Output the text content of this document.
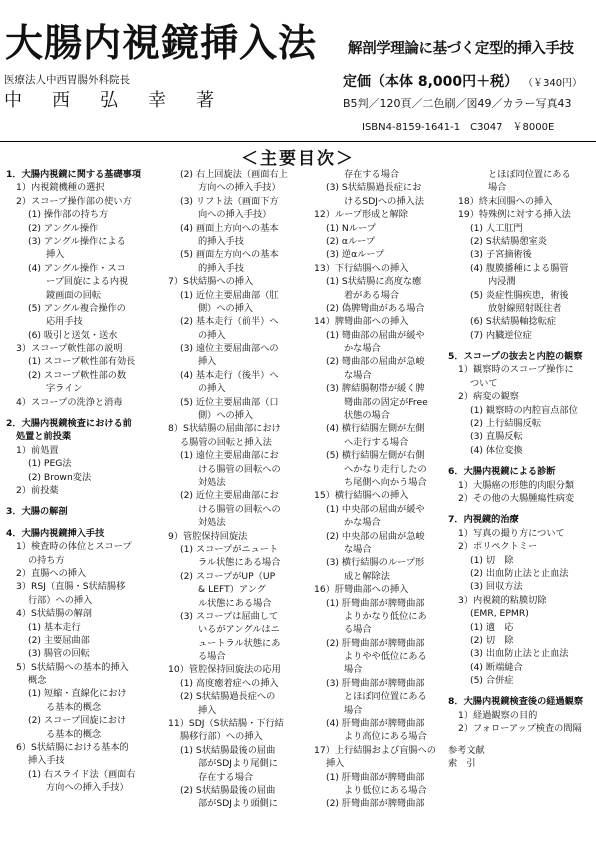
大腸内視鏡挿入法 解剖学理論に基づく定型的挿入手技
医療法人中西胃腸外科院長
中 西 弘 幸 著
定価（本体 8,000円＋税） （￥340円）
B5判／120頁／二色刷／図49／カラー写真43
ISBN4-8159-1641-1　C3047　￥8000E
＜主要目次＞
1．大腸内視鏡に関する基礎事項
1）内視鏡機種の選択
2）スコープ操作部の使い方
(1) 操作部の持ち方
(2) アングル操作
(3) アングル操作による
挿入
(4) アングル操作・スコ
ープ回旋による内視
鏡画面の回転
(5) アングル複合操作の
応用手技
(6) 吸引と送気・送水
3）スコープ軟性部の説明
(1) スコープ軟性部有効長
(2) スコープ軟性部の数
字ライン
4）スコープの洗浄と消毒
2．大腸内視鏡検査における前
処置と前投薬
1）前処置
(1) PEG法
(2) Brown変法
2）前投薬
3．大腸の解剖
4．大腸内視鏡挿入手技
1）検査時の体位とスコープ
の持ち方
2）直腸への挿入
3）RSJ（直腸・S状結腸移
行部）への挿入
4）S状結腸の解剖
(1) 基本走行
(2) 主要屈曲部
(3) 腸管の回転
5）S状結腸への基本的挿入
概念
(1) 短縮・直線化におけ
る基本的概念
(2) スコープ回旋におけ
る基本的概念
6）S状結腸における基本的
挿入手技
(1) 右スライド法（画面右
方向への挿入手技）
(2) 右上回旋法（画面右上
方向への挿入手技）
(3) リフト法（画面下方
向への挿入手技）
(4) 画面上方向への基本
的挿入手技
(5) 画面左方向への基本
的挿入手技
7）S状結腸への挿入
(1) 近位主要屈曲部（肛
側）への挿入
(2) 基本走行（前半）へ
の挿入
(3) 遠位主要屈曲部への
挿入
(4) 基本走行（後半）へ
の挿入
(5) 近位主要屈曲部（口
側）への挿入
8）S状結腸の屈曲部におけ
る腸管の回転と挿入法
(1) 遠位主要屈曲部にお
ける腸管の回転への
対処法
(2) 近位主要屈曲部にお
ける腸管の回転への
対処法
9）管腔保持回旋法
(1) スコープがニュート
ラル状態にある場合
(2) スコープがUP（UP
& LEFT）アング
ル状態にある場合
(3) スコープは屈曲して
いるがアングルはニ
ュートラル状態にあ
る場合
10）管腔保持回旋法の応用
(1) 高度癒着症への挿入
(2) S状結腸過長症への
挿入
11）SDJ（S状結腸・下行結
腸移行部）への挿入
(1) S状結腸最後の屈曲
部がSDJより尾側に
存在する場合
(2) S状結腸最後の屈曲
部がSDJより頭側に
存在する場合
(3) S状結腸過長症にお
けるSDJへの挿入法
12）ループ形成と解除
(1) Nループ
(2) αループ
(3) 逆αループ
13）下行結腸への挿入
(1) S状結腸に高度な癒
着がある場合
(2) 偽脾彎曲がある場合
14）脾彎曲部への挿入
(1) 彎曲部の屈曲が緩や
かな場合
(2) 彎曲部の屈曲が急峻
な場合
(3) 脾結腸靭帯が緩く脾
彎曲部の固定がFree
状態の場合
(4) 横行結腸左側が左側
へ走行する場合
(5) 横行結腸左側が右側
へかなり走行したの
ち尾側へ向かう場合
15）横行結腸への挿入
(1) 中央部の屈曲が緩や
かな場合
(2) 中央部の屈曲が急峻
な場合
(3) 横行結腸のループ形
成と解除法
16）肝彎曲部への挿入
(1) 肝彎曲部が脾彎曲部
よりかなり低位にあ
る場合
(2) 肝彎曲部が脾彎曲部
よりやや低位にある
場合
(3) 肝彎曲部が脾彎曲部
とほぼ同位置にある
場合
(4) 肝彎曲部が脾彎曲部
より高位にある場合
17）上行結腸および盲腸への
挿入
(1) 肝彎曲部が脾彎曲部
より低位にある場合
(2) 肝彎曲部が脾彎曲部
とほぼ同位置にある
場合
18）終末回腸への挿入
19）特殊例に対する挿入法
(1) 人工肛門
(2) S状結腸憩室炎
(3) 子宮摘術後
(4) 腹膜播種による腸管
内浸潤
(5) 炎症性腸疾患，術後
放射線照射既往者
(6) S状結腸軸捻転症
(7) 内臓逆位症
5．スコープの抜去と内腔の観察
1）観察時のスコープ操作に
ついて
2）病変の観察
(1) 観察時の内腔盲点部位
(2) 上行結腸反転
(3) 直腸反転
(4) 体位変換
6．大腸内視鏡による診断
1）大腸癌の形態的肉眼分類
2）その他の大腸腫瘍性病変
7．内視鏡的治療
1）写真の撮り方について
2）ポリペクトミー
(1) 切　除
(2) 出血防止法と止血法
(3) 回収方法
3）内視鏡的粘膜切除
(EMR, EPMR)
(1) 適　応
(2) 切　除
(3) 出血防止法と止血法
(4) 断端縫合
(5) 合併症
8．大腸内視鏡検査後の経過観察
1）経過観察の目的
2）フォローアップ検査の間隔
参考文献
索　引
